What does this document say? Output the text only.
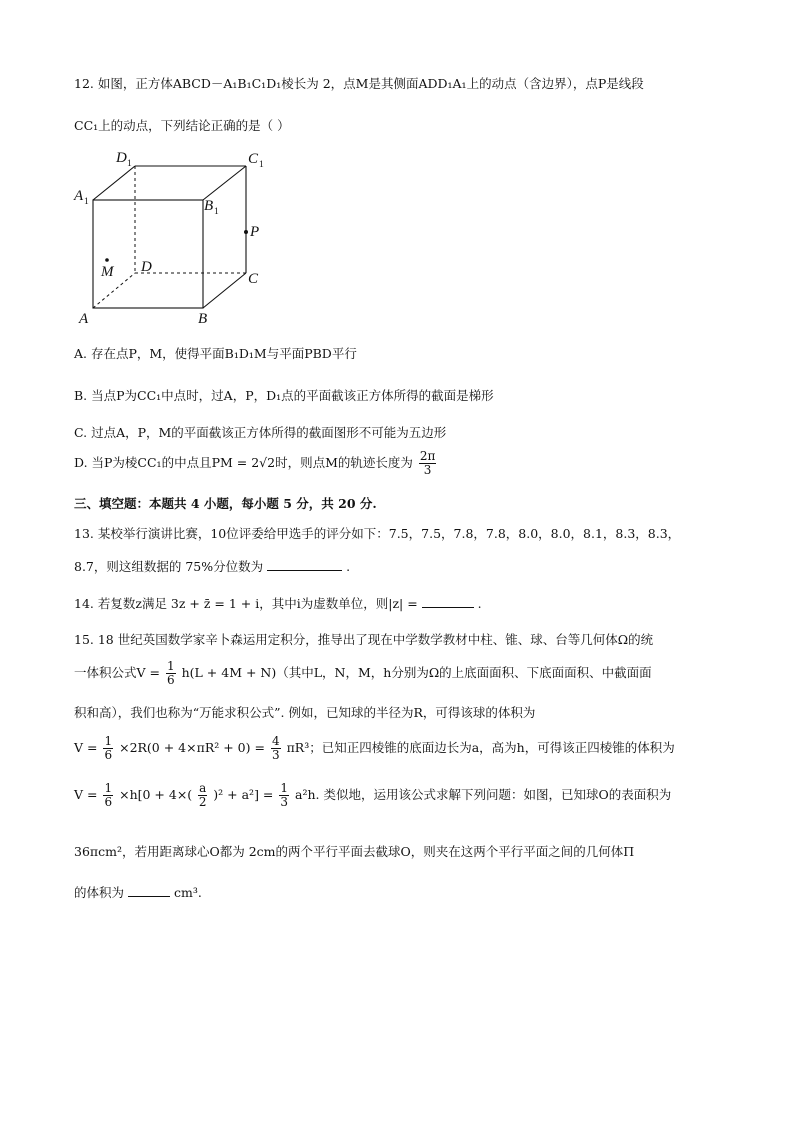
12. 如图，正方体ABCD－A₁B₁C₁D₁棱长为 2，点M是其侧面ADD₁A₁上的动点（含边界），点P是线段
CC₁上的动点，下列结论正确的是（ ）
D 1	C 1
A 1	B 1
P
M D
C
A	B
A. 存在点P，M，使得平面B₁D₁M与平面PBD平行
B. 当点P为CC₁中点时，过A，P，D₁点的平面截该正方体所得的截面是梯形
C. 过点A，P，M的平面截该正方体所得的截面图形不可能为五边形
D. 当P为棱CC₁的中点且PM = 2√2时，则点M的轨迹长度为 $\frac{2\pi}{3}$
三、填空题：本题共 4 小题，每小题 5 分，共 20 分.
13. 某校举行演讲比赛，10位评委给甲选手的评分如下：7.5，7.5，7.8，7.8，8.0，8.0，8.1，8.3，8.3，
8.7，则这组数据的 75%分位数为	.
14. 若复数z满足 3z + z̄ = 1 + i，其中i为虚数单位，则|z| =	.
15. 18 世纪英国数学家辛卜森运用定积分，推导出了现在中学数学教材中柱、锥、球、台等几何体Ω的统
一体积公式$V = \frac{1}{6} h(L + 4M + N)$（其中L，N，M，h分别为Ω的上底面面积、下底面面积、中截面面
积和高），我们也称为“万能求积公式”. 例如，已知球的半径为R，可得该球的体积为
$V = \frac{1}{6} \times 2R(0 + 4\times\pi R^2 + 0) = \frac{4}{3} \pi R^3$；已知正四棱锥的底面边长为a，高为h，可得该正四棱锥的体积为
$V = \frac{1}{6} \times h[0 + 4\times( \frac{a}{2} )^2 + a^2] = \frac{1}{3} a^2h$. 类似地，运用该公式求解下列问题：如图，已知球O的表面积为
36πcm²，若用距离球心O都为 2cm的两个平行平面去截球O，则夹在这两个平行平面之间的几何体Π
的体积为	cm³.
